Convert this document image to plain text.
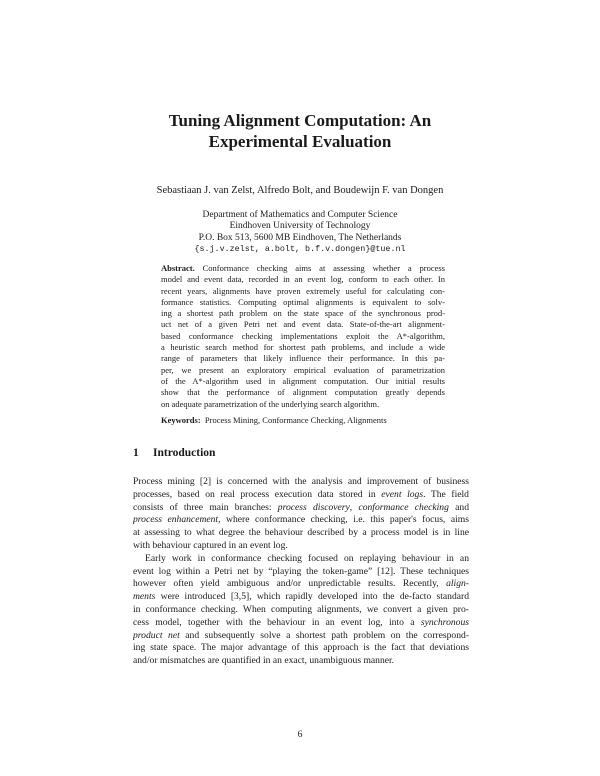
Tuning Alignment Computation: An
Experimental Evaluation
Sebastiaan J. van Zelst, Alfredo Bolt, and Boudewijn F. van Dongen
Department of Mathematics and Computer Science
Eindhoven University of Technology
P.O. Box 513, 5600 MB Eindhoven, The Netherlands
{s.j.v.zelst, a.bolt, b.f.v.dongen}@tue.nl
Abstract. Conformance checking aims at assessing whether a process
model and event data, recorded in an event log, conform to each other. In
recent years, alignments have proven extremely useful for calculating con-
formance statistics. Computing optimal alignments is equivalent to solv-
ing a shortest path problem on the state space of the synchronous prod-
uct net of a given Petri net and event data. State-of-the-art alignment-
based conformance checking implementations exploit the A*-algorithm,
a heuristic search method for shortest path problems, and include a wide
range of parameters that likely influence their performance. In this pa-
per, we present an exploratory empirical evaluation of parametrization
of the A*-algorithm used in alignment computation. Our initial results
show that the performance of alignment computation greatly depends
on adequate parametrization of the underlying search algorithm.
Keywords: Process Mining, Conformance Checking, Alignments
1 Introduction
Process mining [2] is concerned with the analysis and improvement of business
processes, based on real process execution data stored in event logs. The field
consists of three main branches: process discovery, conformance checking and
process enhancement, where conformance checking, i.e. this paper's focus, aims
at assessing to what degree the behaviour described by a process model is in line
with behaviour captured in an event log.
Early work in conformance checking focused on replaying behaviour in an
event log within a Petri net by “playing the token-game” [12]. These techniques
however often yield ambiguous and/or unpredictable results. Recently, align-
ments were introduced [3,5], which rapidly developed into the de-facto standard
in conformance checking. When computing alignments, we convert a given pro-
cess model, together with the behaviour in an event log, into a synchronous
product net and subsequently solve a shortest path problem on the correspond-
ing state space. The major advantage of this approach is the fact that deviations
and/or mismatches are quantified in an exact, unambiguous manner.
6
